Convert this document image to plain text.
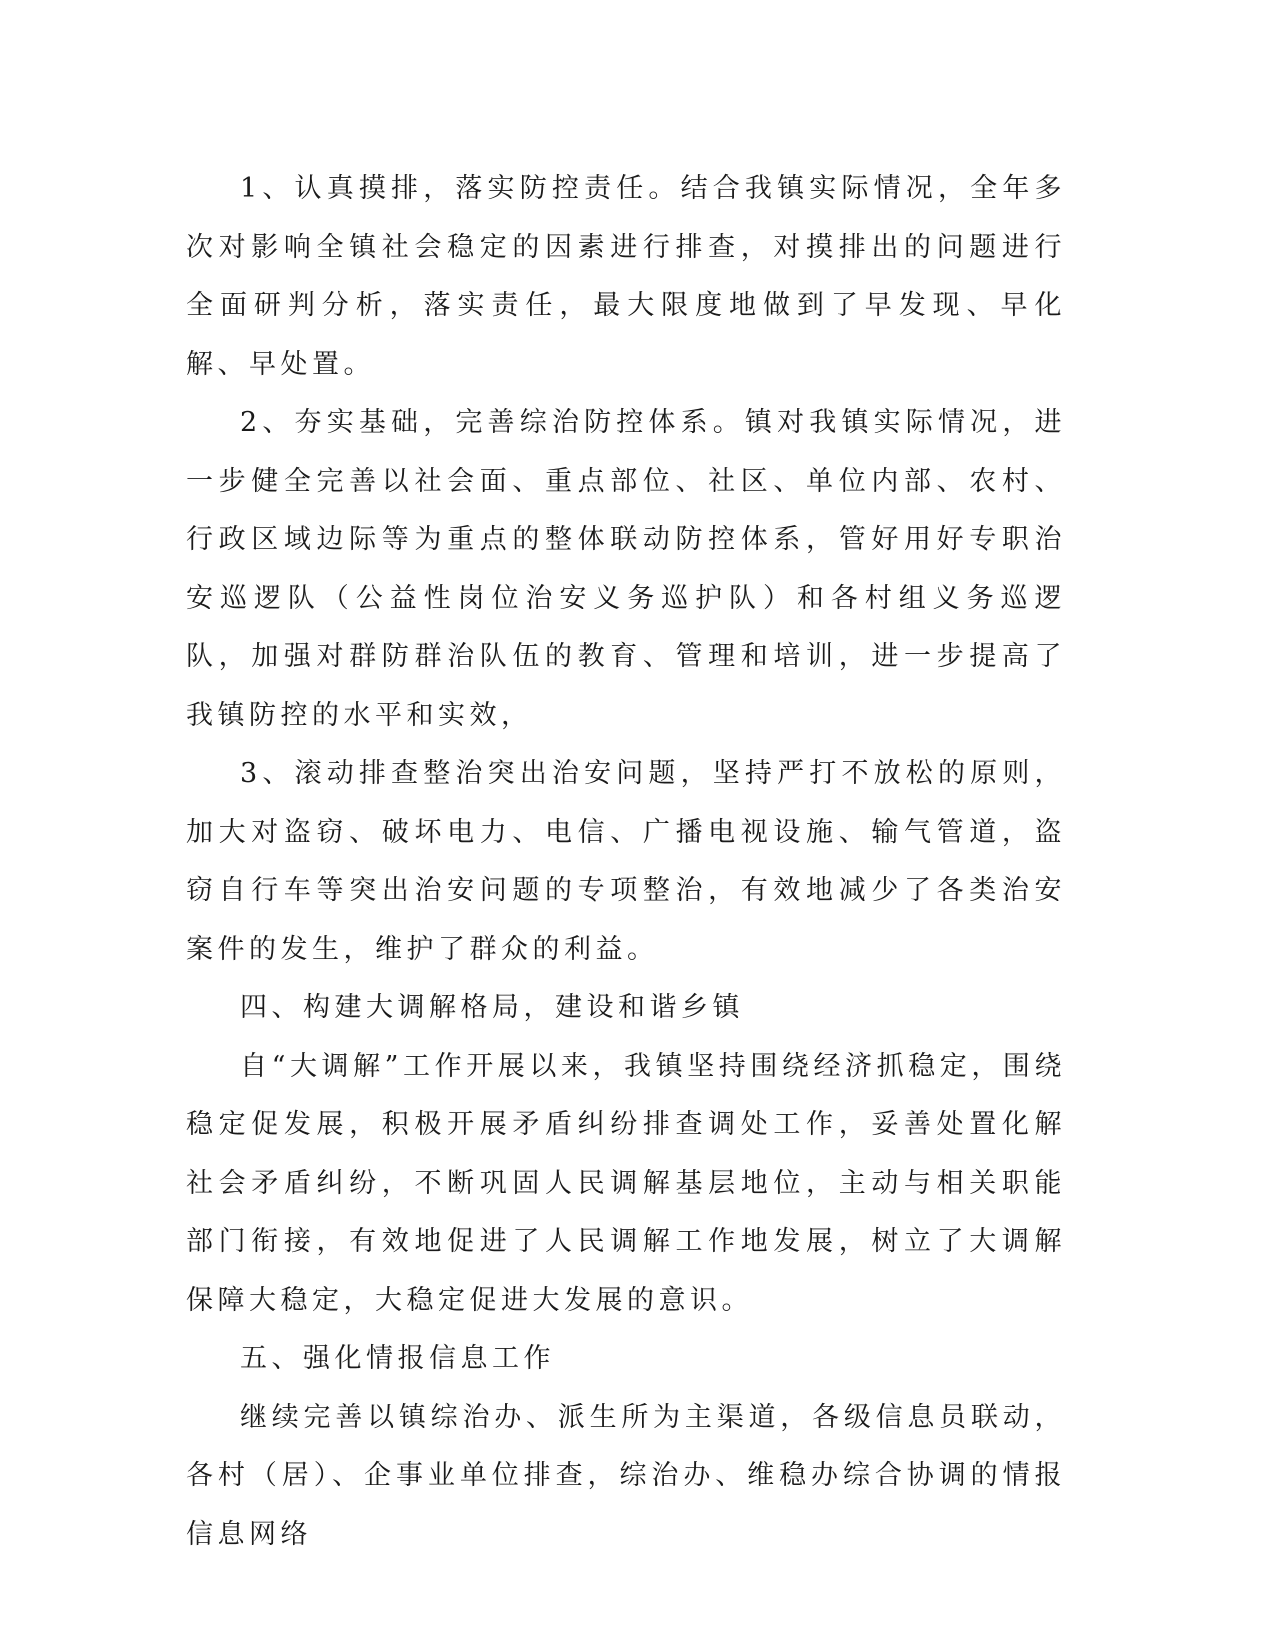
1、认真摸排，落实防控责任。结合我镇实际情况，全年多次对影响全镇社会稳定的因素进行排查，对摸排出的问题进行全面研判分析，落实责任，最大限度地做到了早发现、早化解、早处置。

2、夯实基础，完善综治防控体系。镇对我镇实际情况，进一步健全完善以社会面、重点部位、社区、单位内部、农村、行政区域边际等为重点的整体联动防控体系，管好用好专职治安巡逻队（公益性岗位治安义务巡护队）和各村组义务巡逻队，加强对群防群治队伍的教育、管理和培训，进一步提高了我镇防控的水平和实效，

3、滚动排查整治突出治安问题，坚持严打不放松的原则，加大对盗窃、破坏电力、电信、广播电视设施、输气管道，盗窃自行车等突出治安问题的专项整治，有效地减少了各类治安案件的发生，维护了群众的利益。

四、构建大调解格局，建设和谐乡镇

自“大调解”工作开展以来，我镇坚持围绕经济抓稳定，围绕稳定促发展，积极开展矛盾纠纷排查调处工作，妥善处置化解社会矛盾纠纷，不断巩固人民调解基层地位，主动与相关职能部门衔接，有效地促进了人民调解工作地发展，树立了大调解保障大稳定，大稳定促进大发展的意识。

五、强化情报信息工作

继续完善以镇综治办、派生所为主渠道，各级信息员联动，各村（居）、企事业单位排查，综治办、维稳办综合协调的情报信息网络
